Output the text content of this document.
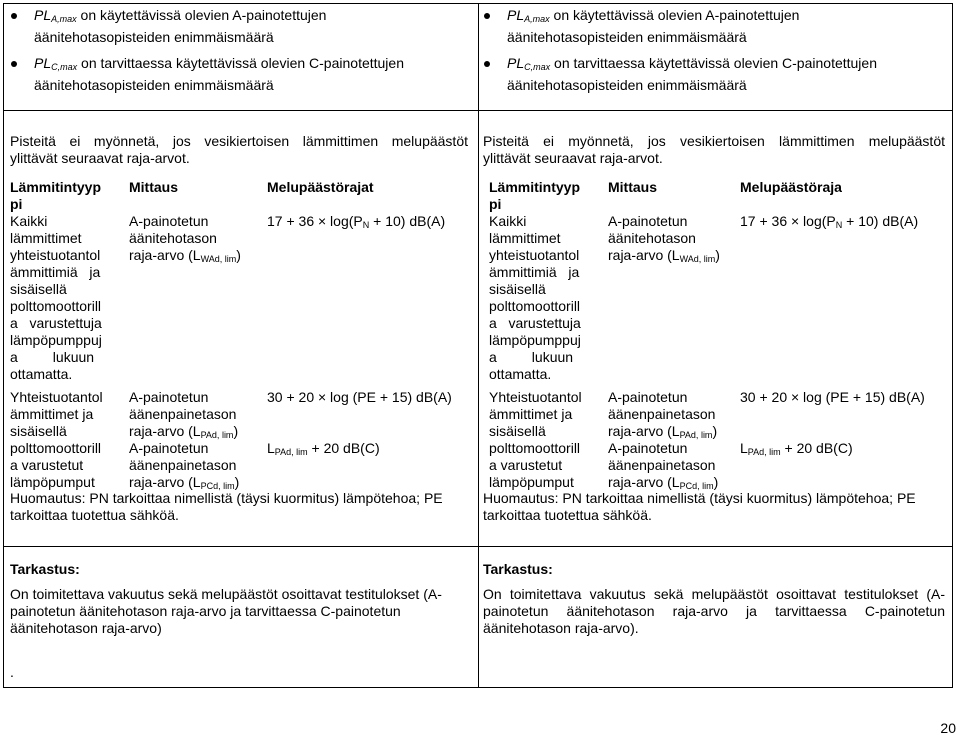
$PL_{A,max}$ on käytettävissä olevien A-painotettujen
äänitehotasopisteiden enimmäismäärä
$PL_{C,max}$ on tarvittaessa käytettävissä olevien C-painotettujen
äänitehotasopisteiden enimmäismäärä
Pisteitä ei myönnetä, jos vesikiertoisen lämmittimen melupäästöt
ylittävät seuraavat raja-arvot.
Lämmitintyyp
pi
Mittaus	Melupäästörajat
Kaikki
lämmittimet
yhteistuotantol
ämmittimiä   ja
sisäisellä
polttomoottorill
a   varustettuja
lämpöpumppuj
a         lukuun
ottamatta.
A-painotetun
äänitehotason
raja-arvo $(L_{WAd, lim})$
$17 + 36 \times \log(P_N + 10)$ dB(A)
Yhteistuotantol
ämmittimet ja
sisäisellä
polttomoottorill
a varustetut
lämpöpumput
A-painotetun
äänenpainetason
raja-arvo $(L_{PAd, lim})$
A-painotetun
äänenpainetason
raja-arvo $(L_{PCd, lim})$
30 + 20 × log (PE + 15) dB(A)
$L_{PAd, lim} + 20$ dB(C)
Huomautus: PN tarkoittaa nimellistä (täysi kuormitus) lämpötehoa; PE
tarkoittaa tuotettua sähköä.
Tarkastus:
On toimitettava vakuutus sekä melupäästöt osoittavat testitulokset (A-
painotetun äänitehotason raja-arvo ja tarvittaessa C-painotetun
äänitehotason raja-arvo)
.
$PL_{A,max}$ on käytettävissä olevien A-painotettujen
äänitehotasopisteiden enimmäismäärä
$PL_{C,max}$ on tarvittaessa käytettävissä olevien C-painotettujen
äänitehotasopisteiden enimmäismäärä
Pisteitä ei myönnetä, jos vesikiertoisen lämmittimen melupäästöt
ylittävät seuraavat raja-arvot.
Lämmitintyyp
pi
Mittaus	Melupäästöraja
Kaikki
lämmittimet
yhteistuotantol
ämmittimiä   ja
sisäisellä
polttomoottorill
a   varustettuja
lämpöpumppuj
a         lukuun
ottamatta.
A-painotetun
äänitehotason
raja-arvo $(L_{WAd, lim})$
$17 + 36 \times \log(P_N + 10)$ dB(A)
Yhteistuotantol
ämmittimet ja
sisäisellä
polttomoottorill
a varustetut
lämpöpumput
A-painotetun
äänenpainetason
raja-arvo $(L_{PAd, lim})$
A-painotetun
äänenpainetason
raja-arvo $(L_{PCd, lim})$
30 + 20 × log (PE + 15) dB(A)
$L_{PAd, lim} + 20$ dB(C)
Huomautus: PN tarkoittaa nimellistä (täysi kuormitus) lämpötehoa; PE
tarkoittaa tuotettua sähköä.
Tarkastus:
On toimitettava vakuutus sekä melupäästöt osoittavat testitulokset (A-
painotetun äänitehotason raja-arvo ja tarvittaessa C-painotetun
äänitehotason raja-arvo).
20
